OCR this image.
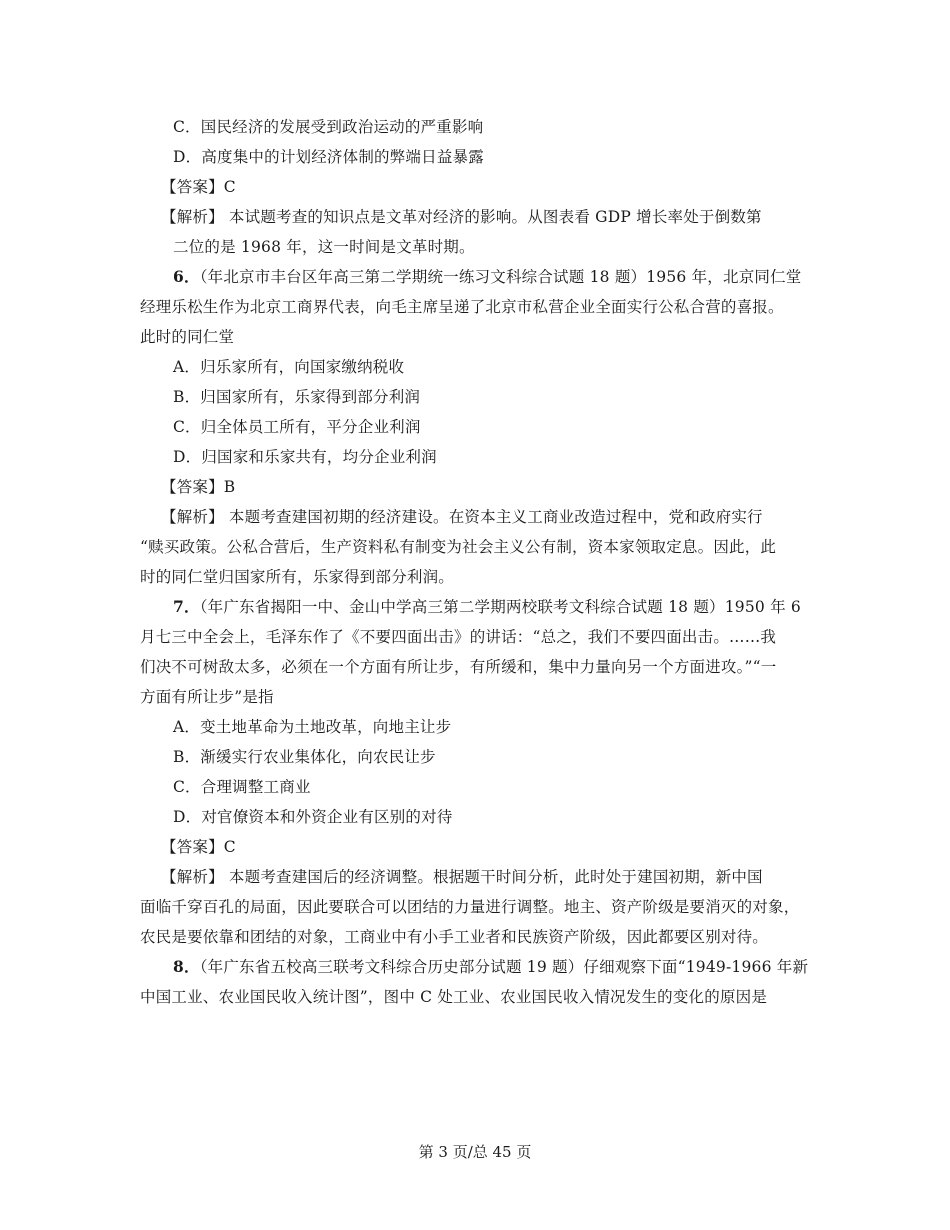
C．国民经济的发展受到政治运动的严重影响
D．高度集中的计划经济体制的弊端日益暴露
【答案】C
【解析】 本试题考查的知识点是文革对经济的影响。从图表看 GDP 增长率处于倒数第
二位的是 1968 年，这一时间是文革时期。
6．（年北京市丰台区年高三第二学期统一练习文科综合试题 18 题）1956 年，北京同仁堂
经理乐松生作为北京工商界代表，向毛主席呈递了北京市私营企业全面实行公私合营的喜报。
此时的同仁堂
A．归乐家所有，向国家缴纳税收
B．归国家所有，乐家得到部分利润
C．归全体员工所有，平分企业利润
D．归国家和乐家共有，均分企业利润
【答案】B
【解析】 本题考查建国初期的经济建设。在资本主义工商业改造过程中，党和政府实行
“赎买政策。公私合营后，生产资料私有制变为社会主义公有制，资本家领取定息。因此，此
时的同仁堂归国家所有，乐家得到部分利润。
7．（年广东省揭阳一中、金山中学高三第二学期两校联考文科综合试题 18 题）1950 年 6
月七三中全会上，毛泽东作了《不要四面出击》的讲话：“总之，我们不要四面出击。……我
们决不可树敌太多，必须在一个方面有所让步，有所缓和，集中力量向另一个方面进攻。”“一
方面有所让步”是指
A．变土地革命为土地改革，向地主让步
B．渐缓实行农业集体化，向农民让步
C．合理调整工商业
D．对官僚资本和外资企业有区别的对待
【答案】C
【解析】 本题考查建国后的经济调整。根据题干时间分析，此时处于建国初期，新中国
面临千穿百孔的局面，因此要联合可以团结的力量进行调整。地主、资产阶级是要消灭的对象，
农民是要依靠和团结的对象，工商业中有小手工业者和民族资产阶级，因此都要区别对待。
8．（年广东省五校高三联考文科综合历史部分试题 19 题）仔细观察下面“1949-1966 年新
中国工业、农业国民收入统计图”，图中 C 处工业、农业国民收入情况发生的变化的原因是
第 3 页/总 45 页
